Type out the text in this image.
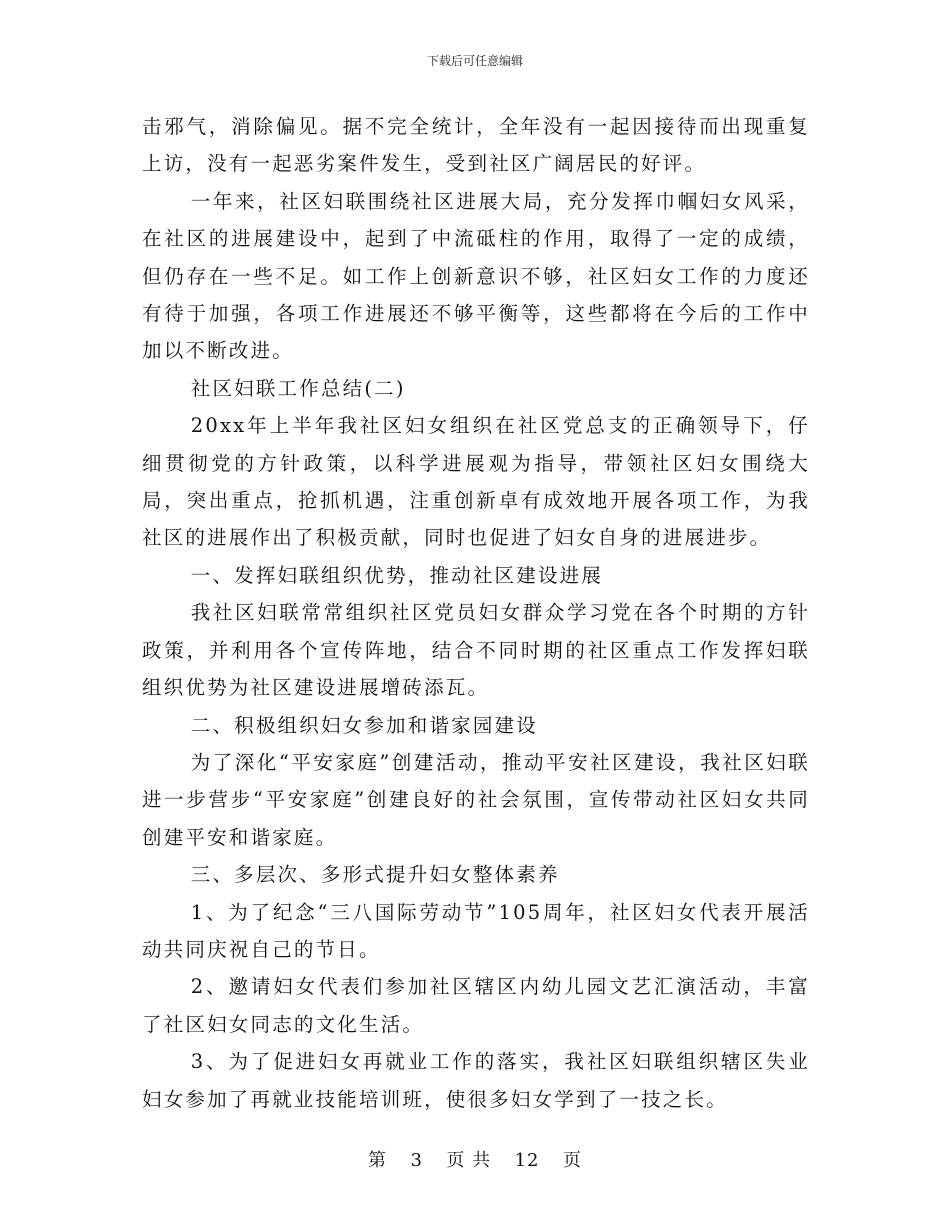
下载后可任意编辑

击邪气，消除偏见。据不完全统计，全年没有一起因接待而出现重复上访，没有一起恶劣案件发生，受到社区广阔居民的好评。

一年来，社区妇联围绕社区进展大局，充分发挥巾帼妇女风采，在社区的进展建设中，起到了中流砥柱的作用，取得了一定的成绩，但仍存在一些不足。如工作上创新意识不够，社区妇女工作的力度还有待于加强，各项工作进展还不够平衡等，这些都将在今后的工作中加以不断改进。

社区妇联工作总结(二)

20xx年上半年我社区妇女组织在社区党总支的正确领导下，仔细贯彻党的方针政策，以科学进展观为指导，带领社区妇女围绕大局，突出重点，抢抓机遇，注重创新卓有成效地开展各项工作，为我社区的进展作出了积极贡献，同时也促进了妇女自身的进展进步。

一、发挥妇联组织优势，推动社区建设进展

我社区妇联常常组织社区党员妇女群众学习党在各个时期的方针政策，并利用各个宣传阵地，结合不同时期的社区重点工作发挥妇联组织优势为社区建设进展增砖添瓦。

二、积极组织妇女参加和谐家园建设

为了深化“平安家庭”创建活动，推动平安社区建设，我社区妇联进一步营步“平安家庭”创建良好的社会氛围，宣传带动社区妇女共同创建平安和谐家庭。

三、多层次、多形式提升妇女整体素养

1、为了纪念“三八国际劳动节”105周年，社区妇女代表开展活动共同庆祝自己的节日。

2、邀请妇女代表们参加社区辖区内幼儿园文艺汇演活动，丰富了社区妇女同志的文化生活。

3、为了促进妇女再就业工作的落实，我社区妇联组织辖区失业妇女参加了再就业技能培训班，使很多妇女学到了一技之长。

第 3 页 共 12 页
